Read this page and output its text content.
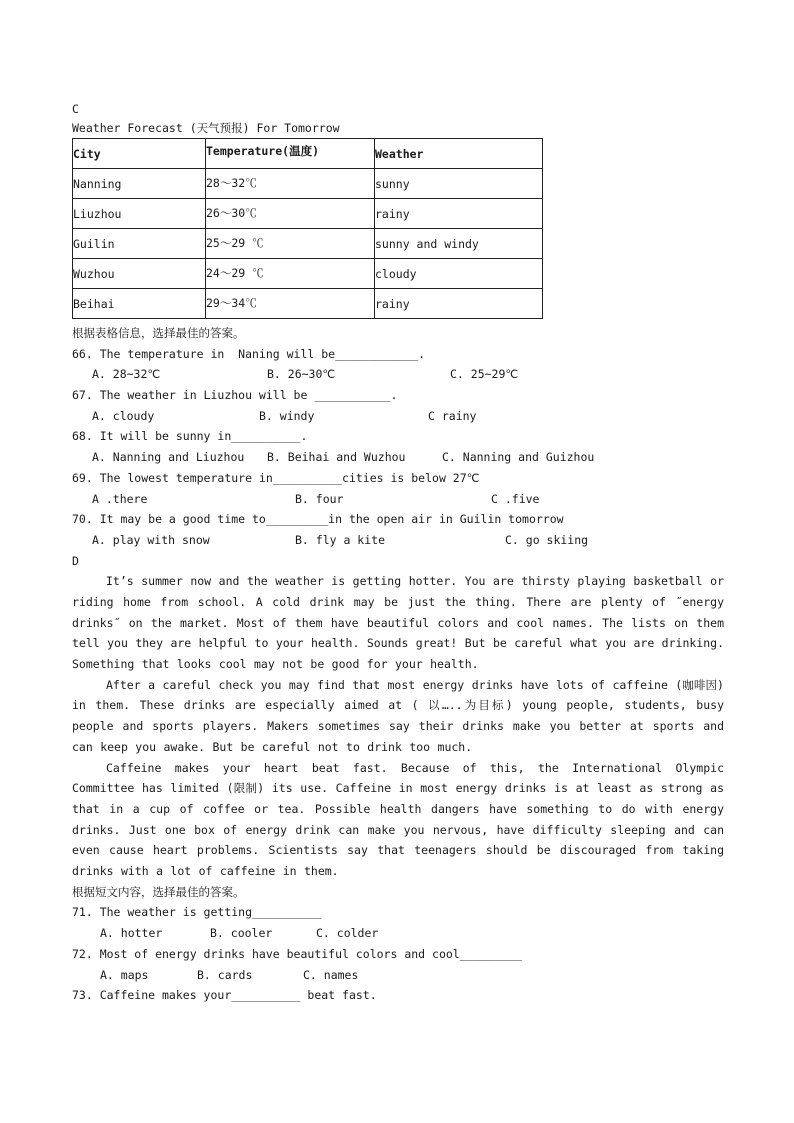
C
Weather Forecast (天气预报) For Tomorrow
City	Temperature(温度)	Weather
Nanning	28～32℃	sunny
Liuzhou	26～30℃	rainy
Guilin	25～29 ℃	sunny and windy
Wuzhou	24～29 ℃	cloudy
Beihai	29～34℃	rainy
根据表格信息，选择最佳的答案。
66. The temperature in  Naning will be____________.
A. 28~32℃	B. 26~30℃	C. 25~29℃
67. The weather in Liuzhou will be ___________.
A. cloudy	B. windy	C rainy
68. It will be sunny in__________.
A. Nanning and Liuzhou B. Beihai and Wuzhou	C. Nanning and Guizhou
69. The lowest temperature in__________cities is below 27℃
A .there	B. four	C .five
70. It may be a good time to_________in the open air in Guilin tomorrow
A. play with snow	B. fly a kite	C. go skiing
D

It’s summer now and the weather is getting hotter. You are thirsty playing basketball or riding home from school. A cold drink may be just the thing. There are plenty of ˝energy drinks˝ on the market. Most of them have beautiful colors and cool names. The lists on them tell you they are helpful to your health. Sounds great! But be careful what you are drinking. Something that looks cool may not be good for your health.

After a careful check you may find that most energy drinks have lots of caffeine (咖啡因) in them. These drinks are especially aimed at ( 以…..为目标) young people, students, busy people and sports players. Makers sometimes say their drinks make you better at sports and can keep you awake. But be careful not to drink too much.

Caffeine makes your heart beat fast. Because of this, the International Olympic Committee has limited (限制) its use. Caffeine in most energy drinks is at least as strong as that in a cup of coffee or tea. Possible health dangers have something to do with energy drinks. Just one box of energy drink can make you nervous, have difficulty sleeping and can even cause heart problems. Scientists say that teenagers should be discouraged from taking drinks with a lot of caffeine in them.

根据短文内容，选择最佳的答案。
71. The weather is getting__________
A. hotter	B. cooler	C. colder
72. Most of energy drinks have beautiful colors and cool_________
A. maps	B. cards	C. names
73. Caffeine makes your__________ beat fast.
